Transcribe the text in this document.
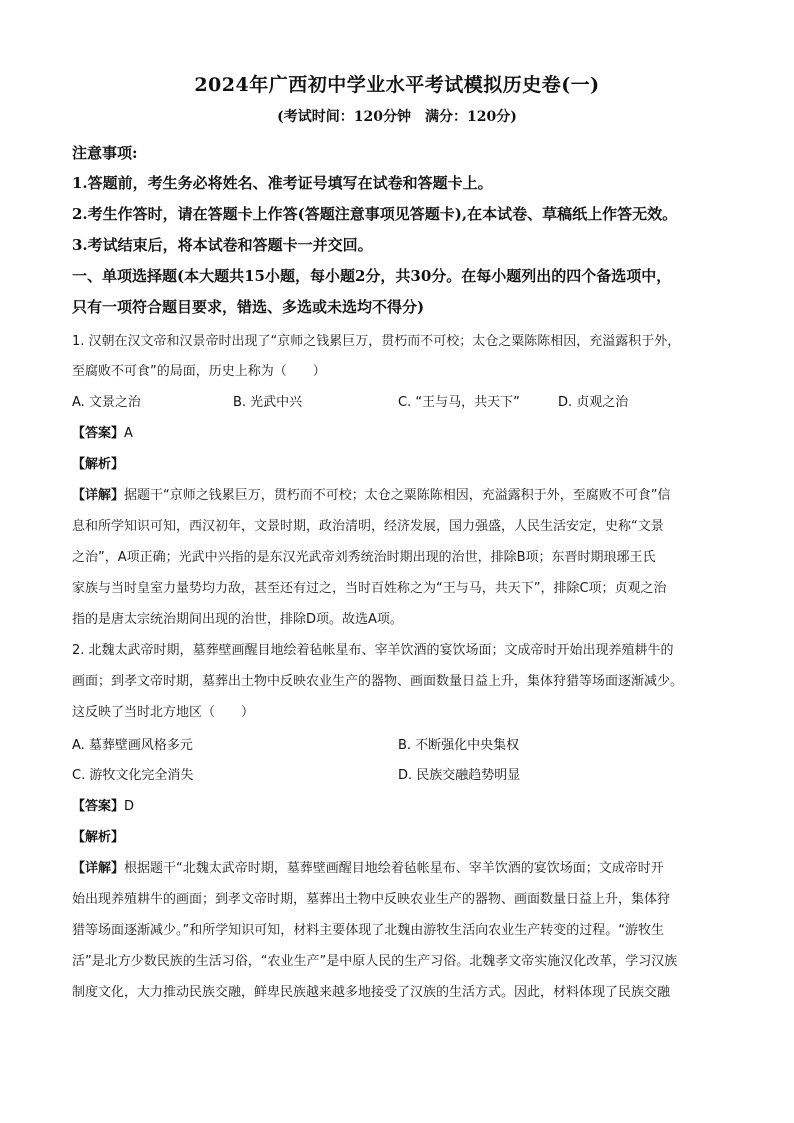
2024年广西初中学业水平考试模拟历史卷(一)
(考试时间：120分钟　满分：120分)
注意事项:
1.答题前，考生务必将姓名、准考证号填写在试卷和答题卡上。
2.考生作答时，请在答题卡上作答(答题注意事项见答题卡),在本试卷、草稿纸上作答无效。
3.考试结束后，将本试卷和答题卡一并交回。
一、单项选择题(本大题共15小题，每小题2分，共30分。在每小题列出的四个备选项中，
只有一项符合题目要求，错选、多选或未选均不得分)
1. 汉朝在汉文帝和汉景帝时出现了“京师之钱累巨万，贯朽而不可校；太仓之粟陈陈相因，充溢露积于外，
至腐败不可食”的局面，历史上称为（　　）
A. 文景之治	B. 光武中兴	C. “王与马，共天下”	D. 贞观之治
【答案】A
【解析】
【详解】据题干“京师之钱累巨万，贯朽而不可校；太仓之粟陈陈相因，充溢露积于外，至腐败不可食”信
息和所学知识可知，西汉初年，文景时期，政治清明，经济发展，国力强盛，人民生活安定，史称“文景
之治”，A项正确；光武中兴指的是东汉光武帝刘秀统治时期出现的治世，排除B项；东晋时期琅琊王氏
家族与当时皇室力量势均力敌，甚至还有过之，当时百姓称之为“王与马，共天下”，排除C项；贞观之治
指的是唐太宗统治期间出现的治世，排除D项。故选A项。
2. 北魏太武帝时期，墓葬壁画醒目地绘着毡帐星布、宰羊饮酒的宴饮场面；文成帝时开始出现养殖耕牛的
画面；到孝文帝时期，墓葬出土物中反映农业生产的器物、画面数量日益上升，集体狩猎等场面逐渐减少。
这反映了当时北方地区（　　）
A. 墓葬壁画风格多元	B. 不断强化中央集权
C. 游牧文化完全消失	D. 民族交融趋势明显
【答案】D
【解析】
【详解】根据题干“北魏太武帝时期，墓葬壁画醒目地绘着毡帐星布、宰羊饮酒的宴饮场面；文成帝时开
始出现养殖耕牛的画面；到孝文帝时期，墓葬出土物中反映农业生产的器物、画面数量日益上升，集体狩
猎等场面逐渐减少。”和所学知识可知，材料主要体现了北魏由游牧生活向农业生产转变的过程。“游牧生
活”是北方少数民族的生活习俗，“农业生产”是中原人民的生产习俗。北魏孝文帝实施汉化改革，学习汉族
制度文化，大力推动民族交融，鲜卑民族越来越多地接受了汉族的生活方式。因此，材料体现了民族交融
